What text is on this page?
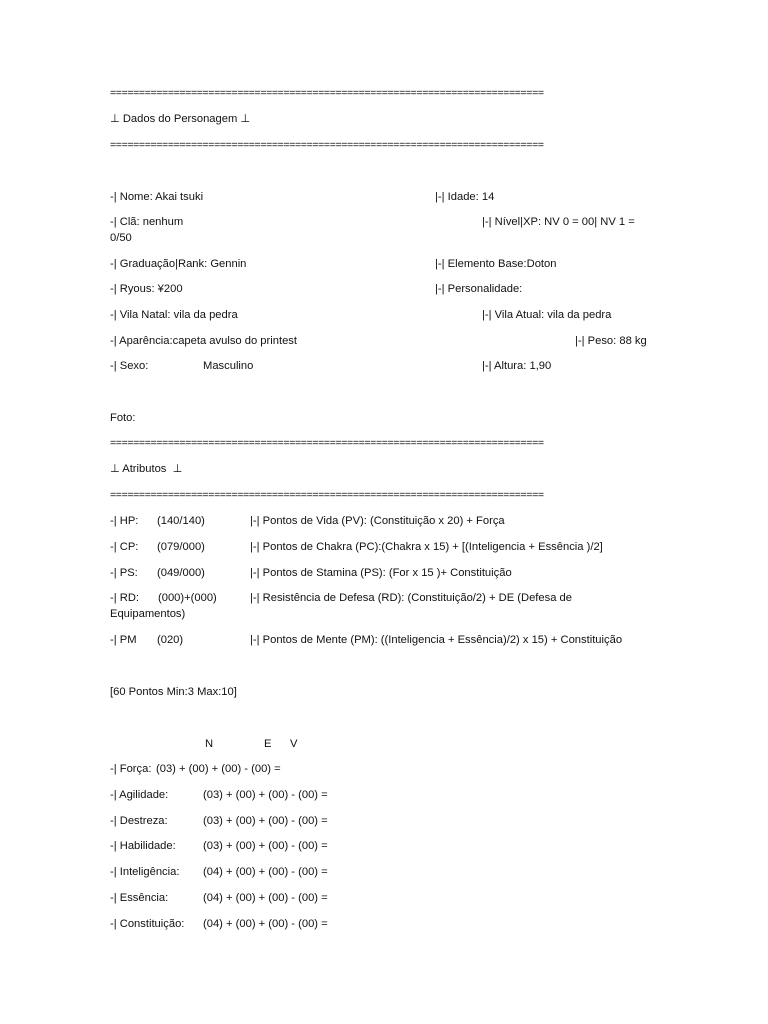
===========================================================================
⊥ Dados do Personagem ⊥
===========================================================================
-| Nome: Akai tsuki	|-| Idade: 14
-| Clã: nenhum	|-| Nível|XP: NV 0 = 00| NV 1 =
0/50
-| Graduação|Rank: Gennin	|-| Elemento Base:Doton
-| Ryous: ¥200	|-| Personalidade:
-| Vila Natal: vila da pedra	|-| Vila Atual: vila da pedra
-| Aparência:capeta avulso do printest	|-| Peso: 88 kg
-| Sexo:	Masculino	|-| Altura: 1,90
Foto:
===========================================================================
⊥ Atributos  ⊥
===========================================================================
-| HP: (140/140)	|-| Pontos de Vida (PV): (Constituição x 20) + Força
-| CP: (079/000)	|-| Pontos de Chakra (PC):(Chakra x 15) + [(Inteligencia + Essência )/2]
-| PS: (049/000)	|-| Pontos de Stamina (PS): (For x 15 )+ Constituição
-| RD: (000)+(000)	|-| Resistência de Defesa (RD): (Constituição/2) + DE (Defesa de
Equipamentos)
-| PM (020)	|-| Pontos de Mente (PM): ((Inteligencia + Essência)/2) x 15) + Constituição
[60 Pontos Min:3 Max:10]
N	E V
-| Força: (03) + (00) + (00) - (00) =
-| Agilidade:	(03) + (00) + (00) - (00) =
-| Destreza:	(03) + (00) + (00) - (00) =
-| Habilidade: (03) + (00) + (00) - (00) =
-| Inteligência: (04) + (00) + (00) - (00) =
-| Essência:	(04) + (00) + (00) - (00) =
-| Constituição: (04) + (00) + (00) - (00) =
